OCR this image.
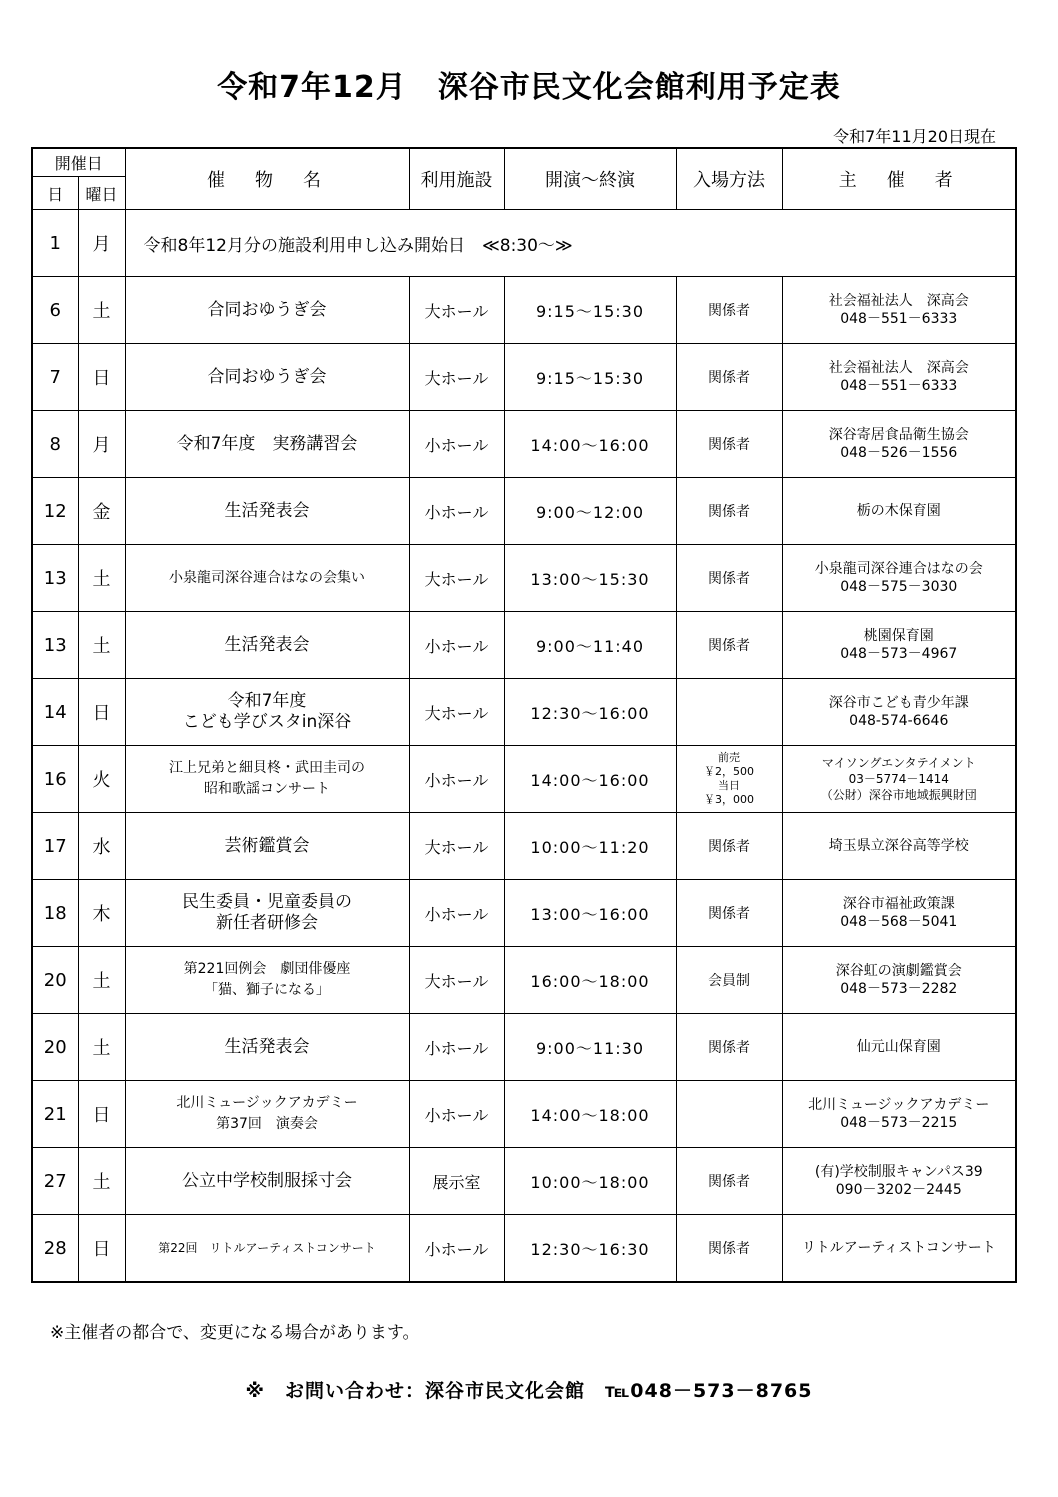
令和7年12月　深谷市民文化会館利用予定表
令和7年11月20日現在
開催日		催　物　名	利用施設	開演～終演	入場方法	主　催　者
日	曜日					
1	月	令和8年12月分の施設利用申し込み開始日　≪8:30～≫				
6	土	合同おゆうぎ会	大ホール	9:15～15:30	関係者	社会福祉法人　深高会
048－551－6333

7	日	合同おゆうぎ会	大ホール	9:15～15:30	関係者	社会福祉法人　深高会
048－551－6333

8	月	令和7年度　実務講習会	小ホール	14:00～16:00	関係者	深谷寄居食品衛生協会
048－526－1556

12	金	生活発表会	小ホール	9:00～12:00	関係者	栃の木保育園

13	土	小泉龍司深谷連合はなの会集い	大ホール	13:00～15:30	関係者	小泉龍司深谷連合はなの会
048－575－3030

13	土	生活発表会	小ホール	9:00～11:40	関係者	桃園保育園
048－573－4967

14	日	令和7年度
こども学びスタin深谷	大ホール	12:30～16:00		深谷市こども青少年課
048-574-6646

16	火	江上兄弟と細貝柊・武田圭司の
昭和歌謡コンサート	小ホール	14:00～16:00	前売
￥2，500
当日
￥3，000	マイソングエンタテイメント
03－5774－1414
（公財）深谷市地域振興財団

17	水	芸術鑑賞会	大ホール	10:00～11:20	関係者	埼玉県立深谷高等学校

18	木	民生委員・児童委員の
新任者研修会	小ホール	13:00～16:00	関係者	深谷市福祉政策課
048－568－5041

20	土	第221回例会　劇団俳優座
「猫、獅子になる」	大ホール	16:00～18:00	会員制	深谷虹の演劇鑑賞会
048－573－2282

20	土	生活発表会	小ホール	9:00～11:30	関係者	仙元山保育園

21	日	北川ミュージックアカデミー
第37回　演奏会	小ホール	14:00～18:00		北川ミュージックアカデミー
048－573－2215

27	土	公立中学校制服採寸会	展示室	10:00～18:00	関係者	(有)学校制服キャンパス39
090－3202－2445

28	日	第22回　リトルアーティストコンサート	小ホール	12:30～16:30	関係者	リトルアーティストコンサート
※主催者の都合で、変更になる場合があります。
※　お問い合わせ：深谷市民文化会館　℡048－573－8765
